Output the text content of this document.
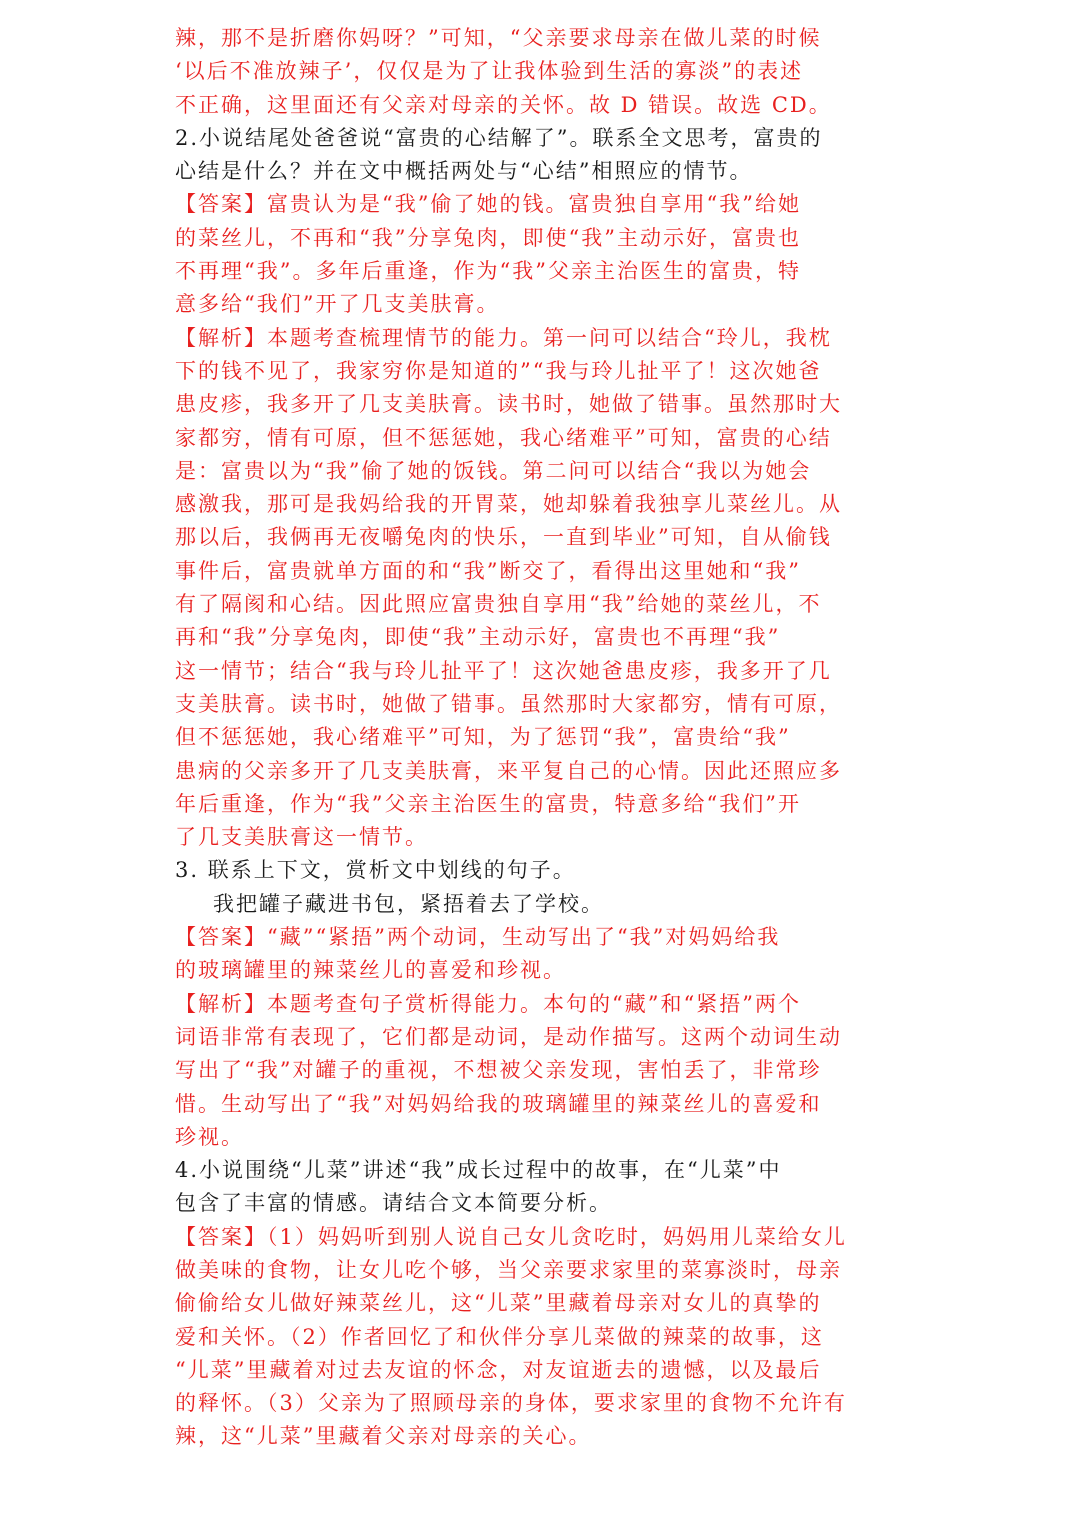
辣，那不是折磨你妈呀？”可知，“父亲要求母亲在做儿菜的时候
‘以后不准放辣子’，仅仅是为了让我体验到生活的寡淡”的表述
不正确，这里面还有父亲对母亲的关怀。故 D 错误。故选 CD。
2.小说结尾处爸爸说“富贵的心结解了”。联系全文思考，富贵的
心结是什么？并在文中概括两处与“心结”相照应的情节。
【答案】富贵认为是“我”偷了她的钱。富贵独自享用“我”给她
的菜丝儿，不再和“我”分享兔肉，即使“我”主动示好，富贵也
不再理“我”。多年后重逢，作为“我”父亲主治医生的富贵，特
意多给“我们”开了几支美肤膏。
【解析】本题考查梳理情节的能力。第一问可以结合“玲儿，我枕
下的钱不见了，我家穷你是知道的”“我与玲儿扯平了！这次她爸
患皮疹，我多开了几支美肤膏。读书时，她做了错事。虽然那时大
家都穷，情有可原，但不惩惩她，我心绪难平”可知，富贵的心结
是：富贵以为“我”偷了她的饭钱。第二问可以结合“我以为她会
感激我，那可是我妈给我的开胃菜，她却躲着我独享儿菜丝儿。从
那以后，我俩再无夜嚼兔肉的快乐，一直到毕业”可知，自从偷钱
事件后，富贵就单方面的和“我”断交了，看得出这里她和“我”
有了隔阂和心结。因此照应富贵独自享用“我”给她的菜丝儿，不
再和“我”分享兔肉，即使“我”主动示好，富贵也不再理“我”
这一情节；结合“我与玲儿扯平了！这次她爸患皮疹，我多开了几
支美肤膏。读书时，她做了错事。虽然那时大家都穷，情有可原，
但不惩惩她，我心绪难平”可知，为了惩罚“我”，富贵给“我”
患病的父亲多开了几支美肤膏，来平复自己的心情。因此还照应多
年后重逢，作为“我”父亲主治医生的富贵，特意多给“我们”开
了几支美肤膏这一情节。
3. 联系上下文，赏析文中划线的句子。
我把罐子藏进书包，紧捂着去了学校。
【答案】“藏”“紧捂”两个动词，生动写出了“我”对妈妈给我
的玻璃罐里的辣菜丝儿的喜爱和珍视。
【解析】本题考查句子赏析得能力。本句的“藏”和“紧捂”两个
词语非常有表现了，它们都是动词，是动作描写。这两个动词生动
写出了“我”对罐子的重视，不想被父亲发现，害怕丢了，非常珍
惜。生动写出了“我”对妈妈给我的玻璃罐里的辣菜丝儿的喜爱和
珍视。
4.小说围绕“儿菜”讲述“我”成长过程中的故事，在“儿菜”中
包含了丰富的情感。请结合文本简要分析。
【答案】（1）妈妈听到别人说自己女儿贪吃时，妈妈用儿菜给女儿
做美味的食物，让女儿吃个够，当父亲要求家里的菜寡淡时，母亲
偷偷给女儿做好辣菜丝儿，这“儿菜”里藏着母亲对女儿的真挚的
爱和关怀。（2）作者回忆了和伙伴分享儿菜做的辣菜的故事，这
“儿菜”里藏着对过去友谊的怀念，对友谊逝去的遗憾，以及最后
的释怀。（3）父亲为了照顾母亲的身体，要求家里的食物不允许有
辣，这“儿菜”里藏着父亲对母亲的关心。
